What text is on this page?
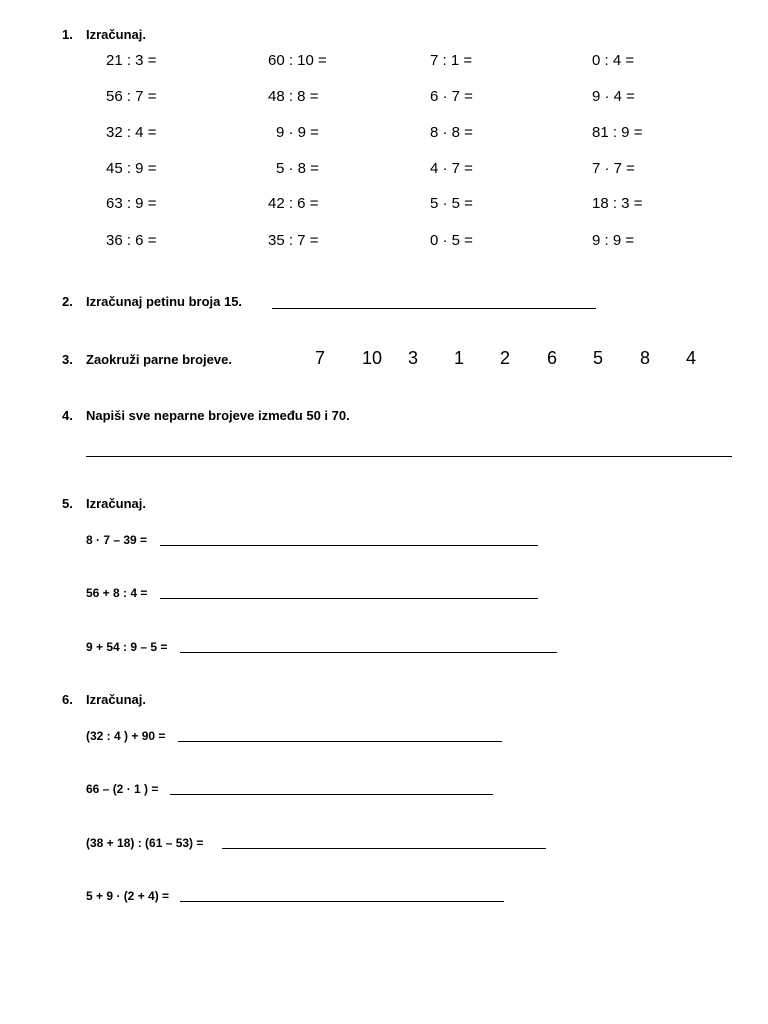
1. Izračunaj.
21 : 3 =	60 : 10 =	7 : 1 =	0 : 4 =
56 : 7 =	48 : 8 =	6 · 7 =	9 · 4 =
32 : 4 =	9 · 9 =	8 · 8 =	81 : 9 =
45 : 9 =	5 · 8 =	4 · 7 =	7 · 7 =
63 : 9 =	42 : 6 =	5 · 5 =	18 : 3 =
36 : 6 =	35 : 7 =	0 · 5 =	9 : 9 =
2. Izračunaj petinu broja 15.
3. Zaokruži parne brojeve.	7 10 3 1 2 6 5 8 4
4. Napiši sve neparne brojeve između 50 i 70.
5. Izračunaj.
8 · 7 – 39 =
56 + 8 : 4 =
9 + 54 : 9 – 5 =
6. Izračunaj.
(32 : 4 ) + 90 =
66 – (2 · 1 ) =
(38 + 18) : (61 – 53) =
5 + 9 · (2 + 4) =
